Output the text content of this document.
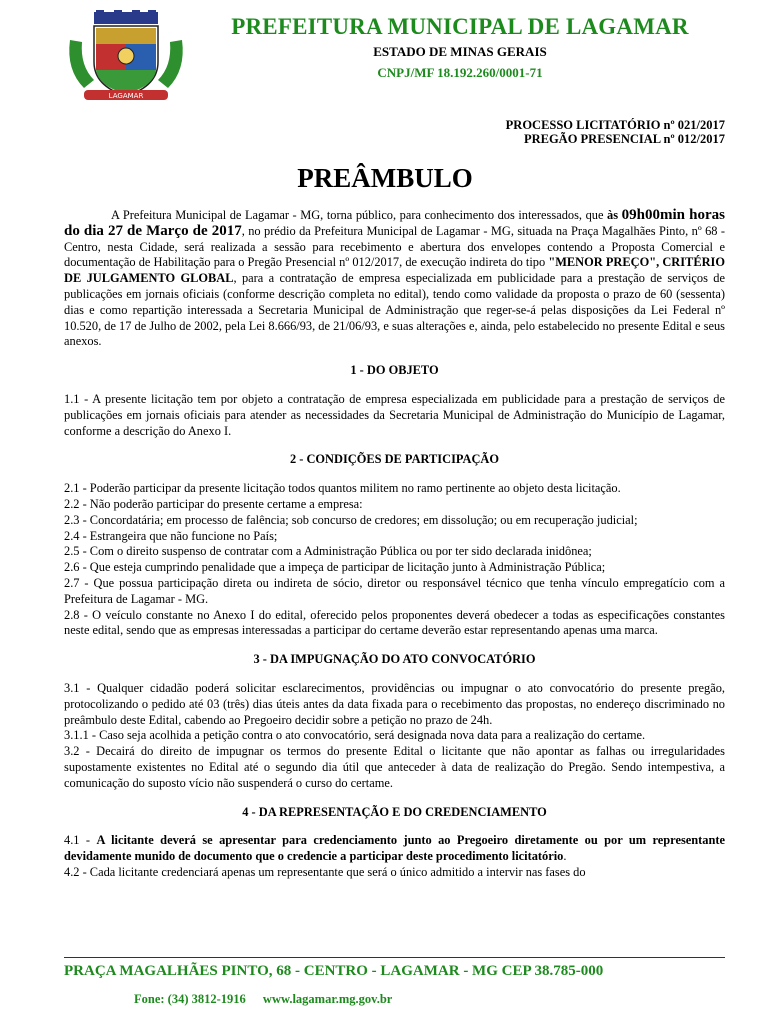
LAGAMAR
PREFEITURA MUNICIPAL DE LAGAMAR
ESTADO DE MINAS GERAIS
CNPJ/MF 18.192.260/0001-71
PROCESSO LICITATÓRIO nº 021/2017
PREGÃO PRESENCIAL nº 012/2017
PREÂMBULO

A Prefeitura Municipal de Lagamar - MG, torna público, para conhecimento dos interessados, que às 09h00min horas do dia 27 de Março de 2017, no prédio da Prefeitura Municipal de Lagamar - MG, situada na Praça Magalhães Pinto, nº 68 - Centro, nesta Cidade, será realizada a sessão para recebimento e abertura dos envelopes contendo a Proposta Comercial e documentação de Habilitação para o Pregão Presencial nº 012/2017, de execução indireta do tipo "MENOR PREÇO", CRITÉRIO DE JULGAMENTO GLOBAL, para a contratação de empresa especializada em publicidade para a prestação de serviços de publicações em jornais oficiais (conforme descrição completa no edital), tendo como validade da proposta o prazo de 60 (sessenta) dias e como repartição interessada a Secretaria Municipal de Administração que reger-se-á pelas disposições da Lei Federal nº 10.520, de 17 de Julho de 2002, pela Lei 8.666/93, de 21/06/93, e suas alterações e, ainda, pelo estabelecido no presente Edital e seus anexos.

1 - DO OBJETO

1.1 - A presente licitação tem por objeto a contratação de empresa especializada em publicidade para a prestação de serviços de publicações em jornais oficiais para atender as necessidades da Secretaria Municipal de Administração do Município de Lagamar, conforme a descrição do Anexo I.

2 - CONDIÇÕES DE PARTICIPAÇÃO

2.1 - Poderão participar da presente licitação todos quantos militem no ramo pertinente ao objeto desta licitação.

2.2 - Não poderão participar do presente certame a empresa:

2.3 - Concordatária; em processo de falência; sob concurso de credores; em dissolução; ou em recuperação judicial;

2.4 - Estrangeira que não funcione no País;

2.5 - Com o direito suspenso de contratar com a Administração Pública ou por ter sido declarada inidônea;

2.6 - Que esteja cumprindo penalidade que a impeça de participar de licitação junto à Administração Pública;

2.7 - Que possua participação direta ou indireta de sócio, diretor ou responsável técnico que tenha vínculo empregatício com a Prefeitura de Lagamar - MG.

2.8 - O veículo constante no Anexo I do edital, oferecido pelos proponentes deverá obedecer a todas as especificações constantes neste edital, sendo que as empresas interessadas a participar do certame deverão estar representando apenas uma marca.

3 - DA IMPUGNAÇÃO DO ATO CONVOCATÓRIO

3.1 - Qualquer cidadão poderá solicitar esclarecimentos, providências ou impugnar o ato convocatório do presente pregão, protocolizando o pedido até 03 (três) dias úteis antes da data fixada para o recebimento das propostas, no endereço discriminado no preâmbulo deste Edital, cabendo ao Pregoeiro decidir sobre a petição no prazo de 24h.

3.1.1 - Caso seja acolhida a petição contra o ato convocatório, será designada nova data para a realização do certame.

3.2 - Decairá do direito de impugnar os termos do presente Edital o licitante que não apontar as falhas ou irregularidades supostamente existentes no Edital até o segundo dia útil que anteceder à data de realização do Pregão. Sendo intempestiva, a comunicação do suposto vício não suspenderá o curso do certame.

4 - DA REPRESENTAÇÃO E DO CREDENCIAMENTO

4.1 - A licitante deverá se apresentar para credenciamento junto ao Pregoeiro diretamente ou por um representante devidamente munido de documento que o credencie a participar deste procedimento licitatório.

4.2 - Cada licitante credenciará apenas um representante que será o único admitido a intervir nas fases do

PRAÇA MAGALHÃES PINTO, 68 - CENTRO - LAGAMAR - MG CEP 38.785-000
Fone: (34) 3812-1916 www.lagamar.mg.gov.br
